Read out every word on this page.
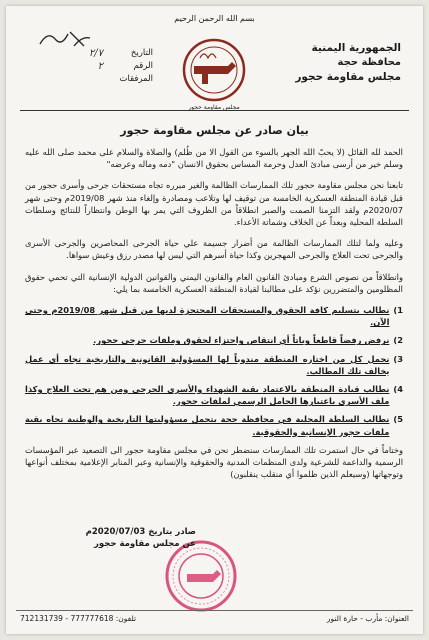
بسم الله الرحمن الرحيم
الجمهورية اليمنية
محافظة حجة
مجلس مقاومة حجور
مجلس مقاومة حجور
التاريخ
٢/٧
الرقم
٢
المرفقات
بيان صادر عن مجلس مقاومة حجور

الحمد لله القائل (لا يحبّ الله الجهر بالسوء من القول الا من ظُلم) والصلاة والسلام على محمد صلى الله عليه وسلم خير من أرسى مبادئ العدل وحرمة المساس بحقوق الانسان "دمه وماله وعرضه"

تابعنا نحن مجلس مقاومة حجور تلك الممارسات الظالمة والغير مبرره تجاه مستحقات جرحى وأسرى حجور من قبل قيادة المنطقة العسكرية الخامسة من توقيف لها وتلاعب ومصادرة وإلغاء منذ شهر 2019/08م وحتى شهر 2020/07م ولقد التزمنا الصمت والصبر انطلاقاً من الظروف التي يمر بها الوطن وانتظاراً للنتائج وسلطات السلطة المحلية وبعداً عن الخلاف وشماتة الأعداء.

وعليه ولما لتلك الممارسات الظالمة من أضرار جسيمة علي حياة الجرحى المحاصرين والجرحى الأسرى والجرحى تحت العلاج والجرحى المهجرين وكذا حياة أسرهم التي ليس لها مصدر رزق وعيش سواها.

وانطلاقاً من نصوص الشرع ومبادئ القانون العام والقانون اليمني والقوانين الدولية الإنسانية التي تحمي حقوق المظلومين والمتضررين نؤكد على مطالبنا لقيادة المنطقة العسكرية الخامسة بما يلي:

1)
نطالب بتسليم كافة الحقوق والمستحقات المحتجزة لديها من قبل شهر 2019/08م وحتى الآن.
2)
نرفض رفضاً قاطعاً وباتاً أي انتقاص واحتزاء لحقوق وملفات جرحى حجور.
3)
نحمل كل من اختاره المنطقة مندوباً لها المسؤولية القانونية والتاريخية تجاه أي عمل يخالف تلك المطالب.
4)
نطالب قيادة المنطقة بالاعتماد بقية الشهداء والأسرى الجرحى ومن هم تحت العلاج وكذا ملف الأسرى باعتبارها الحامل الرسمي لملفات حجور.
5)
نطالب السلطة المحلية في محافظة حجة بتحمل مسؤوليتها التاريخية والوطنية تجاه بقية ملفات حجور الإنسانية والحقوقية.

وختاماً في حال استمرت تلك الممارسات سنضطر نحن في مجلس مقاومة حجور الى التصعيد عبر المؤسسات الرسمية والداعمة للشرعية ولدى المنظمات المدنية والحقوقية والإنسانية وعبر المنابر الإعلامية بمختلف أنواعها وتوجهاتها (وسيعلم الذين ظلموا أي منقلب ينقلبون)

صادر بتاريخ 2020/07/03م
عن مجلس مقاومة حجور
العنوان: مأرب - حارة النور
تلفون: 777777618 - 712131739
